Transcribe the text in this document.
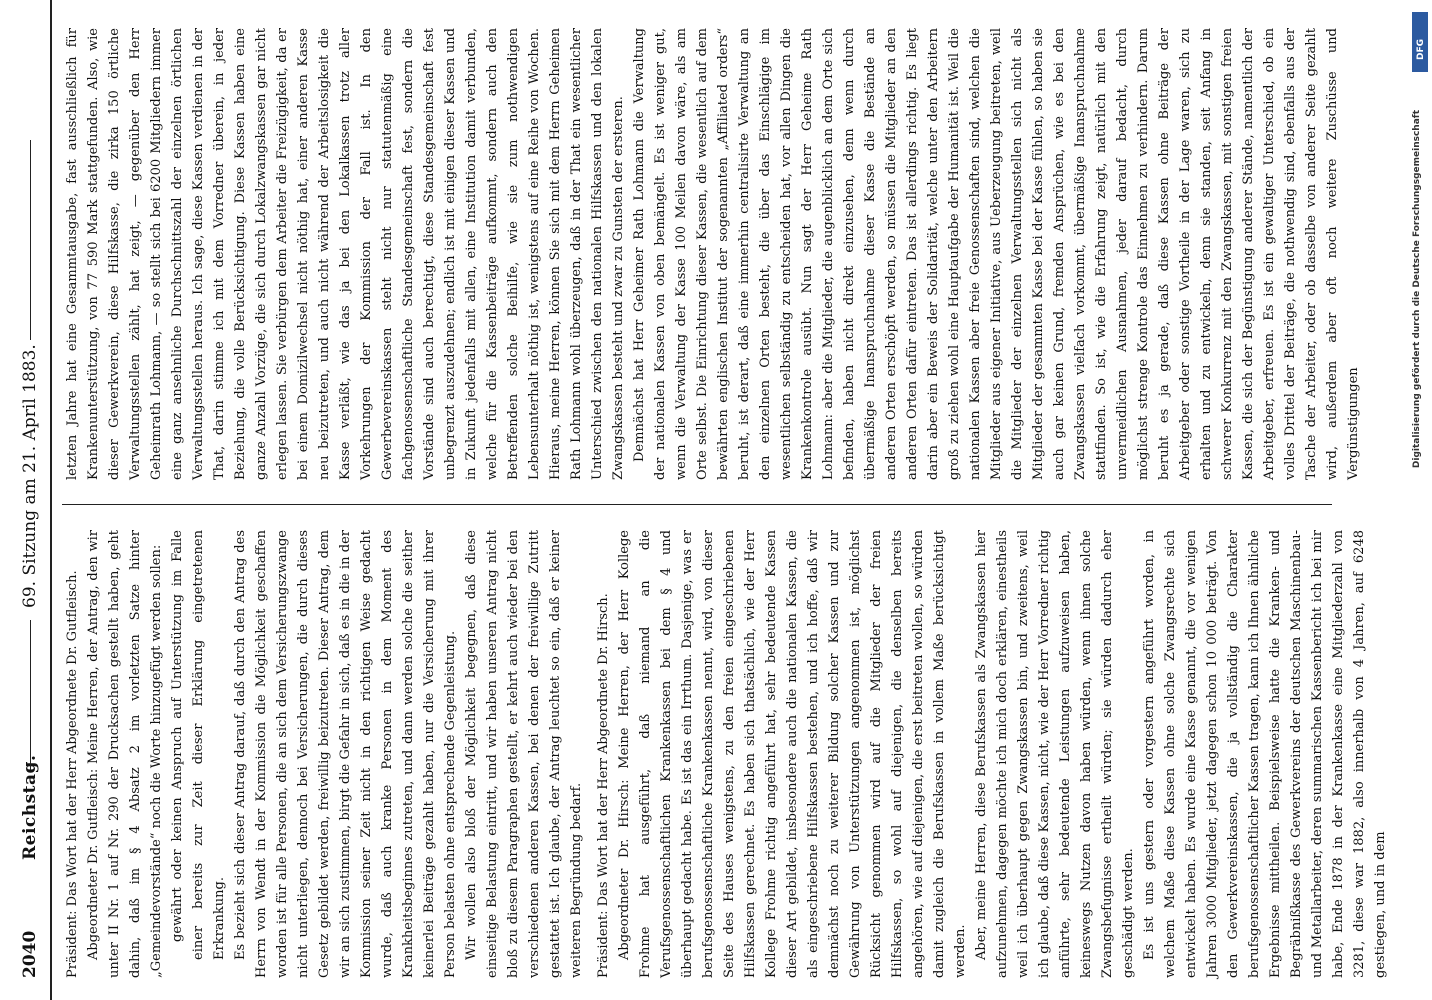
2040
Reichstag.
69. Sitzung am 21. April 1883.

Präsident: Das Wort hat der Herr Abgeordnete Dr. Gutfleisch. Abgeordneter Dr. Gutfleisch: Meine Herren, der Antrag, den wir unter II Nr. 1 auf Nr. 290 der Drucksachen gestellt haben, geht dahin, daß im § 4 Absatz 2 im vorletzten Satze hinter „Gemeindevorstände“ noch die Worte hinzugefügt werden sollen: gewährt oder keinen Anspruch auf Unterstützung im Falle einer bereits zur Zeit dieser Erklärung eingetretenen Erkrankung. Es bezieht sich dieser Antrag darauf, daß durch den Antrag des Herrn von Wendt in der Kommission die Möglichkeit geschaffen worden ist für alle Personen, die an sich dem Versicherungszwange nicht unterliegen, dennoch bei Versicherungen, die durch dieses Gesetz gebildet werden, freiwillig beizutreten. Dieser Antrag, dem wir an sich zustimmen, birgt die Gefahr in sich, daß es in die in der Kommission seiner Zeit nicht in den richtigen Weise gedacht wurde, daß auch kranke Personen in dem Moment des Krankheitsbeginnes zutreten, und dann werden solche die seither keinerlei Beiträge gezahlt haben, nur die Versicherung mit ihrer Person belasten ohne entsprechende Gegenleistung. Wir wollen also bloß der Möglichkeit begegnen, daß diese einseitige Belastung eintritt, und wir haben unseren Antrag nicht bloß zu diesem Paragraphen gestellt, er kehrt auch wieder bei den verschiedenen anderen Kassen, bei denen der freiwillige Zutritt gestattet ist. Ich glaube, der Antrag leuchtet so ein, daß er keiner weiteren Begründung bedarf. Präsident: Das Wort hat der Herr Abgeordnete Dr. Hirsch. Abgeordneter Dr. Hirsch: Meine Herren, der Herr Kollege Frohme hat ausgeführt, daß niemand an die Verufsgenossenschaftlichen Krankenkassen bei dem § 4 und überhaupt gedacht habe. Es ist das ein Irrthum. Dasjenige, was er berufsgenossenschaftliche Krankenkassen nennt, wird, von dieser Seite des Hauses wenigstens, zu den freien eingeschriebenen Hilfskassen gerechnet. Es haben sich thatsächlich, wie der Herr Kollege Frohme richtig angeführt hat, sehr bedeutende Kassen dieser Art gebildet, insbesondere auch die nationalen Kassen, die als eingeschriebene Hilfskassen bestehen, und ich hoffe, daß wir demnächst noch zu weiterer Bildung solcher Kassen und zur Gewährung von Unterstützungen angenommen ist, möglichst Rücksicht genommen wird auf die Mitglieder der freien Hilfskassen, so wohl auf diejenigen, die denselben bereits angehören, wie auf diejenigen, die erst beitreten wollen, so würden damit zugleich die Berufskassen in vollem Maße berücksichtigt werden. Aber, meine Herren, diese Berufskassen als Zwangskassen hier aufzunehmen, dagegen möchte ich mich doch erklären, einestheils weil ich überhaupt gegen Zwangskassen bin, und zweitens, weil ich glaube, daß diese Kassen, nicht, wie der Herr Vorredner richtig anführte, sehr bedeutende Leistungen aufzuweisen haben, keineswegs Nutzen davon haben würden, wenn ihnen solche Zwangsbefugnisse ertheilt würden; sie würden dadurch eher geschädigt werden. Es ist uns gestern oder vorgestern angeführt worden, in welchem Maße diese Kassen ohne solche Zwangsrechte sich entwickelt haben. Es wurde eine Kasse genannt, die vor wenigen Jahren 3000 Mitglieder, jetzt dagegen schon 10 000 beträgt. Von den Gewerkvereinskassen, die ja vollständig die Charakter berufsgenossenschaftlicher Kassen tragen, kann ich Ihnen ähnliche Ergebnisse mittheilen. Beispielsweise hatte die Kranken- und Begräbnißkasse des Gewerkvereins der deutschen Maschinenbau- und Metallarbeiter, deren summarischen Kassenbericht ich bei mir habe, Ende 1878 in der Krankenkasse eine Mitgliederzahl von 3281, diese war 1882, also innerhalb von 4 Jahren, auf 6248 gestiegen, und in dem

letzten Jahre hat eine Gesammtausgabe, fast ausschließlich für Krankenunterstützung, von 77 590 Mark stattgefunden. Also, wie dieser Gewerkverein, diese Hilfskasse, die zirka 150 örtliche Verwaltungsstellen zählt, hat zeigt, — gegenüber den Herr Geheimrath Lohmann, — so stellt sich bei 6200 Mitgliedern immer eine ganz ansehnliche Durchschnittszahl der einzelnen örtlichen Verwaltungsstellen heraus. Ich sage, diese Kassen verdienen in der That, darin stimme ich mit dem Vorredner überein, in jeder Beziehung, die volle Berücksichtigung. Diese Kassen haben eine ganze Anzahl Vorzüge, die sich durch Lokalzwangskassen gar nicht erlegen lassen. Sie verbürgen dem Arbeiter die Freizügigkeit, da er bei einem Domizilwechsel nicht nöthig hat, einer anderen Kasse neu beizutreten, und auch nicht während der Arbeitslosigkeit die Kasse verläßt, wie das ja bei den Lokalkassen trotz aller Vorkehrungen der Kommission der Fall ist. In den Gewerbevereinskassen steht nicht nur statutenmäßig eine fachgenossenschaftliche Standesgemeinschaft fest, sondern die Vorstände sind auch berechtigt, diese Standesgemeinschaft fest unbegrenzt auszudehnen; endlich ist mit einigen dieser Kassen und in Zukunft jedenfalls mit allen, eine Institution damit verbunden, welche für die Kassenbeiträge aufkommt, sondern auch den Betreffenden solche Beihilfe, wie sie zum nothwendigen Lebensunterhalt nöthig ist, wenigstens auf eine Reihe von Wochen. Hieraus, meine Herren, können Sie sich mit dem Herrn Geheimen Rath Lohmann wohl überzeugen, daß in der That ein wesentlicher Unterschied zwischen den nationalen Hilfskassen und den lokalen Zwangskassen besteht und zwar zu Gunsten der ersteren. Demnächst hat Herr Geheimer Rath Lohmann die Verwaltung der nationalen Kassen von oben bemängelt. Es ist weniger gut, wenn die Verwaltung der Kasse 100 Meilen davon wäre, als am Orte selbst. Die Einrichtung dieser Kassen, die wesentlich auf dem bewährten englischen Institut der sogenannten „Affiliated orders“ beruht, ist derart, daß eine immerhin centralisirte Verwaltung an den einzelnen Orten besteht, die über das Einschlägige im wesentlichen selbständig zu entscheiden hat, vor allen Dingen die Krankenkontrole ausübt. Nun sagt der Herr Geheime Rath Lohmann: aber die Mitglieder, die augenblicklich an dem Orte sich befinden, haben nicht direkt einzusehen, denn wenn durch übermäßige Inanspruchnahme dieser Kasse die Bestände an anderen Orten erschöpft werden, so müssen die Mitglieder an den anderen Orten dafür eintreten. Das ist allerdings richtig. Es liegt darin aber ein Beweis der Solidarität, welche unter den Arbeitern groß zu ziehen wohl eine Hauptaufgabe der Humanität ist. Weil die nationalen Kassen aber freie Genossenschaften sind, welchen die Mitglieder aus eigener Initiative, aus Ueberzeugung beitreten, weil die Mitglieder der einzelnen Verwaltungsstellen sich nicht als Mitglieder der gesammten Kasse bei der Kasse fühlen, so haben sie auch gar keinen Grund, fremden Ansprüchen, wie es bei den Zwangskassen vielfach vorkommt, übermäßige Inanspruchnahme stattfinden. So ist, wie die Erfahrung zeigt, natürlich mit den unvermeidlichen Ausnahmen, jeder darauf bedacht, durch möglichst strenge Kontrole das Einnehmen zu verhindern. Darum beruht es ja gerade, daß diese Kassen ohne Beiträge der Arbeitgeber oder sonstige Vortheile in der Lage waren, sich zu erhalten und zu entwickeln, denn sie standen, seit Anfang in schwerer Konkurrenz mit den Zwangskassen, mit sonstigen freien Kassen, die sich der Begünstigung anderer Stände, namentlich der Arbeitgeber, erfreuen. Es ist ein gewaltiger Unterschied, ob ein volles Drittel der Beiträge, die nothwendig sind, ebenfalls aus der Tasche der Arbeiter, oder ob dasselbe von anderer Seite gezahlt wird, außerdem aber oft noch weitere Zuschüsse und Vergünstigungen

DFG
Digitalisierung gefördert durch die Deutsche Forschungsgemeinschaft
